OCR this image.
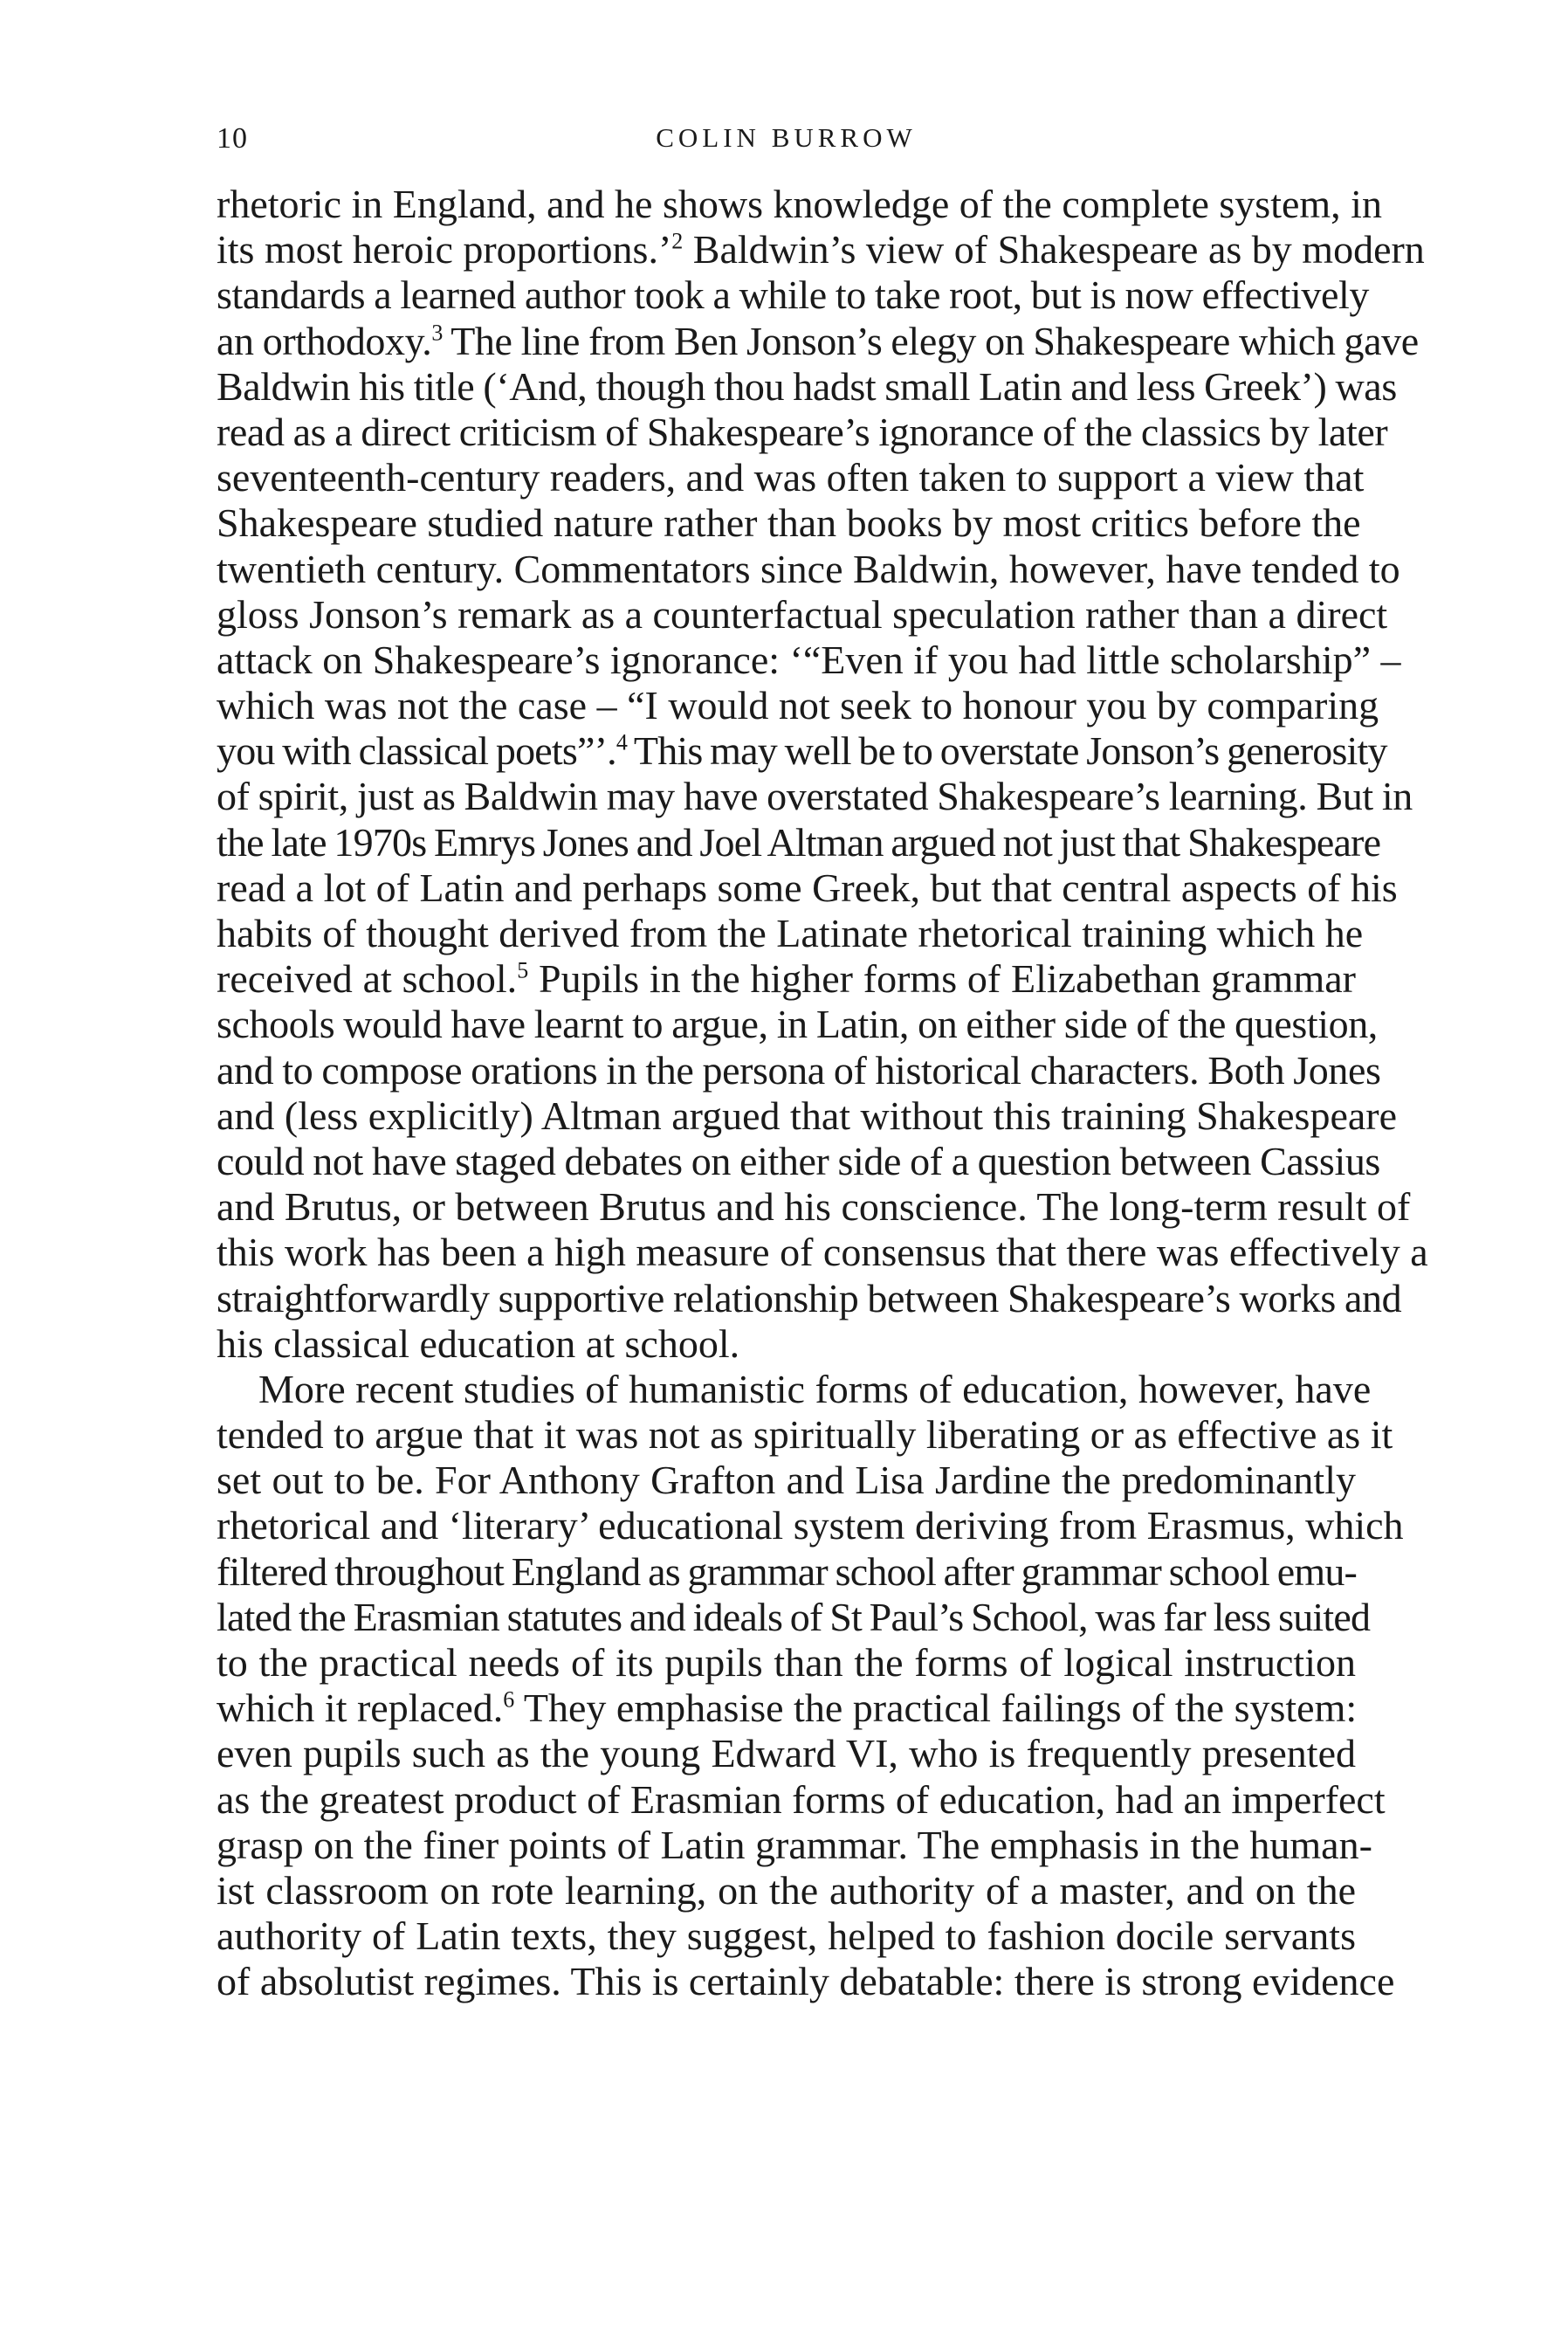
10	COLIN BURROW
rhetoric in England, and he shows knowledge of the complete system, in
its most heroic proportions.’$^2$ Baldwin’s view of Shakespeare as by modern
standards a learned author took a while to take root, but is now effectively
an orthodoxy.$^3$ The line from Ben Jonson’s elegy on Shakespeare which gave
Baldwin his title (‘And, though thou hadst small Latin and less Greek’) was
read as a direct criticism of Shakespeare’s ignorance of the classics by later
seventeenth-century readers, and was often taken to support a view that
Shakespeare studied nature rather than books by most critics before the
twentieth century. Commentators since Baldwin, however, have tended to
gloss Jonson’s remark as a counterfactual speculation rather than a direct
attack on Shakespeare’s ignorance: ‘“Even if you had little scholarship” –
which was not the case – “I would not seek to honour you by comparing
you with classical poets”’.$^4$ This may well be to overstate Jonson’s generosity
of spirit, just as Baldwin may have overstated Shakespeare’s learning. But in
the late 1970s Emrys Jones and Joel Altman argued not just that Shakespeare
read a lot of Latin and perhaps some Greek, but that central aspects of his
habits of thought derived from the Latinate rhetorical training which he
received at school.$^5$ Pupils in the higher forms of Elizabethan grammar
schools would have learnt to argue, in Latin, on either side of the question,
and to compose orations in the persona of historical characters. Both Jones
and (less explicitly) Altman argued that without this training Shakespeare
could not have staged debates on either side of a question between Cassius
and Brutus, or between Brutus and his conscience. The long-term result of
this work has been a high measure of consensus that there was effectively a
straightforwardly supportive relationship between Shakespeare’s works and
his classical education at school.
More recent studies of humanistic forms of education, however, have
tended to argue that it was not as spiritually liberating or as effective as it
set out to be. For Anthony Grafton and Lisa Jardine the predominantly
rhetorical and ‘literary’ educational system deriving from Erasmus, which
filtered throughout England as grammar school after grammar school emu-
lated the Erasmian statutes and ideals of St Paul’s School, was far less suited
to the practical needs of its pupils than the forms of logical instruction
which it replaced.$^6$ They emphasise the practical failings of the system:
even pupils such as the young Edward VI, who is frequently presented
as the greatest product of Erasmian forms of education, had an imperfect
grasp on the finer points of Latin grammar. The emphasis in the human-
ist classroom on rote learning, on the authority of a master, and on the
authority of Latin texts, they suggest, helped to fashion docile servants
of absolutist regimes. This is certainly debatable: there is strong evidence
